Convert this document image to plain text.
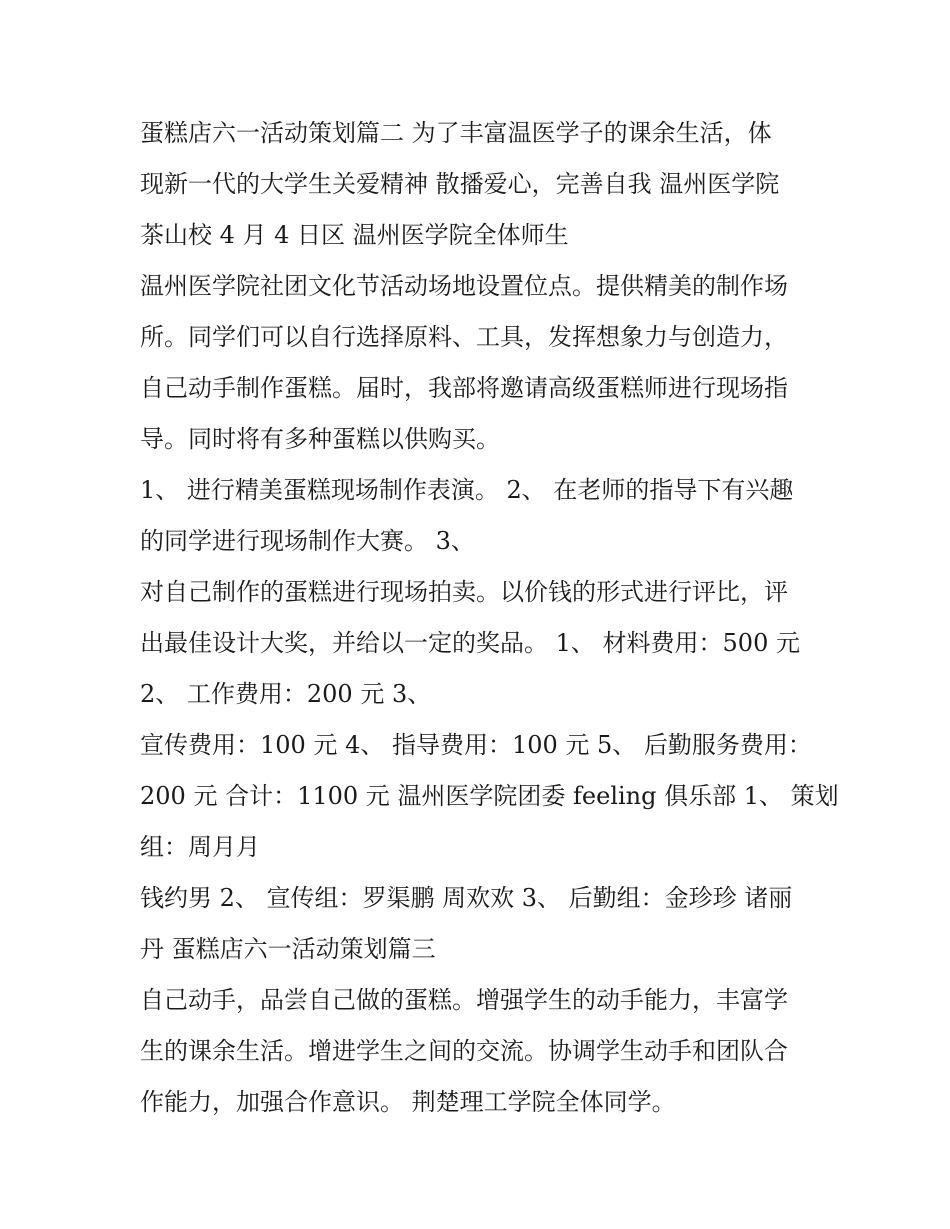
蛋糕店六一活动策划篇二 为了丰富温医学子的课余生活，体
现新一代的大学生关爱精神 散播爱心，完善自我 温州医学院
茶山校 4 月 4 日区 温州医学院全体师生
温州医学院社团文化节活动场地设置位点。提供精美的制作场
所。同学们可以自行选择原料、工具，发挥想象力与创造力，
自己动手制作蛋糕。届时，我部将邀请高级蛋糕师进行现场指
导。同时将有多种蛋糕以供购买。
1、 进行精美蛋糕现场制作表演。 2、 在老师的指导下有兴趣
的同学进行现场制作大赛。 3、
对自己制作的蛋糕进行现场拍卖。以价钱的形式进行评比，评
出最佳设计大奖，并给以一定的奖品。 1、 材料费用：500 元
2、 工作费用：200 元 3、
宣传费用：100 元 4、 指导费用：100 元 5、 后勤服务费用：
200 元 合计：1100 元 温州医学院团委 feeling 俱乐部 1、 策划
组：周月月
钱约男 2、 宣传组：罗渠鹏 周欢欢 3、 后勤组：金珍珍 诸丽
丹 蛋糕店六一活动策划篇三
自己动手，品尝自己做的蛋糕。增强学生的动手能力，丰富学
生的课余生活。增进学生之间的交流。协调学生动手和团队合
作能力，加强合作意识。 荆楚理工学院全体同学。
